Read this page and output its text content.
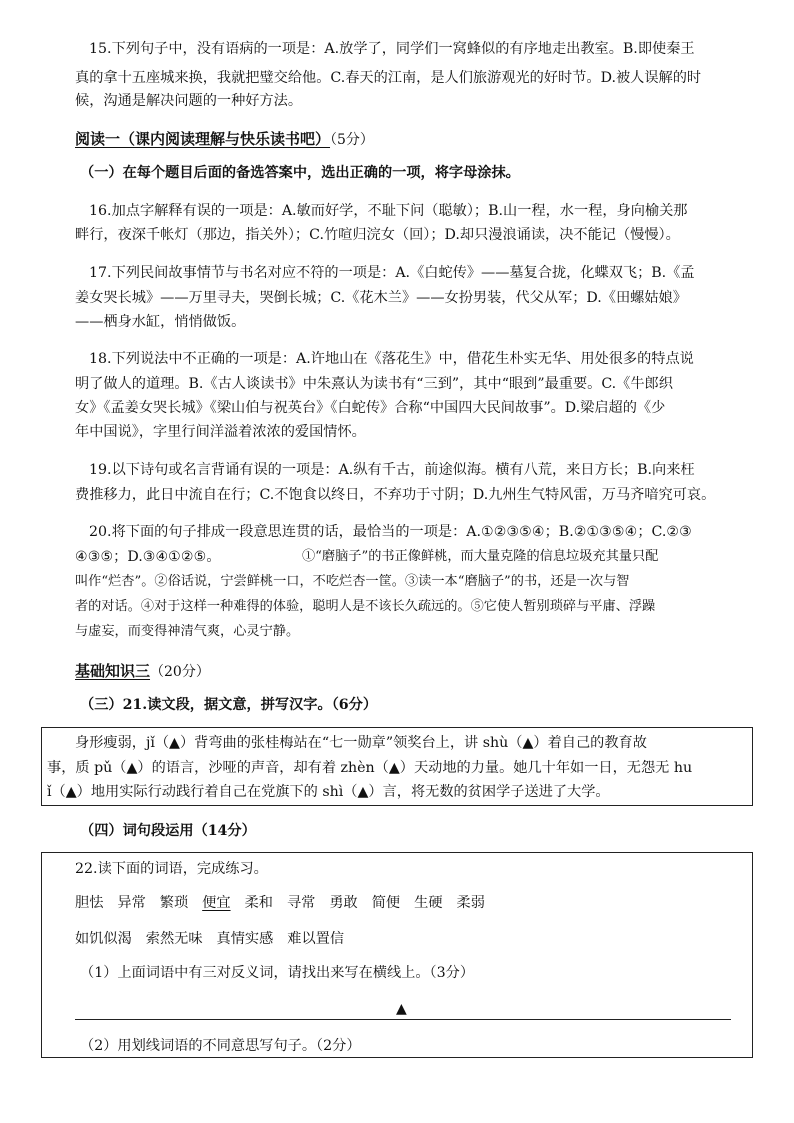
15.下列句子中，没有语病的一项是：A.放学了，同学们一窝蜂似的有序地走出教室。B.即使秦王
真的拿十五座城来换，我就把璧交给他。C.春天的江南，是人们旅游观光的好时节。D.被人误解的时
候，沟通是解决问题的一种好方法。
阅读一（课内阅读理解与快乐读书吧）（5分）
（一）在每个题目后面的备选答案中，选出正确的一项，将字母涂抹。
16.加点字解释有误的一项是：A.敏而好学，不耻下问（聪敏）；B.山一程，水一程，身向榆关那
畔行，夜深千帐灯（那边，指关外）；C.竹喧归浣女（回）；D.却只漫浪诵读，决不能记（慢慢）。
17.下列民间故事情节与书名对应不符的一项是：A.《白蛇传》——墓复合拢，化蝶双飞；B.《孟
姜女哭长城》——万里寻夫，哭倒长城；C.《花木兰》——女扮男装，代父从军；D.《田螺姑娘》
——栖身水缸，悄悄做饭。
18.下列说法中不正确的一项是：A.许地山在《落花生》中，借花生朴实无华、用处很多的特点说
明了做人的道理。B.《古人谈读书》中朱熹认为读书有“三到”，其中“眼到”最重要。C.《牛郎织
女》《孟姜女哭长城》《梁山伯与祝英台》《白蛇传》合称“中国四大民间故事”。D.梁启超的《少
年中国说》，字里行间洋溢着浓浓的爱国情怀。
19.以下诗句或名言背诵有误的一项是：A.纵有千古，前途似海。横有八荒，来日方长；B.向来枉
费推移力，此日中流自在行；C.不饱食以终日，不弃功于寸阴；D.九州生气特风雷，万马齐喑究可哀。
20.将下面的句子排成一段意思连贯的话，最恰当的一项是：A.①②③⑤④；B.②①③⑤④；C.②③
④③⑤；D.③④①②⑤。	①“磨脑子”的书正像鲜桃，而大量克隆的信息垃圾充其量只配
叫作“烂杏”。②俗话说，宁尝鲜桃一口，不吃烂杏一筐。③读一本“磨脑子”的书，还是一次与智
者的对话。④对于这样一种难得的体验，聪明人是不该长久疏远的。⑤它使人暂别琐碎与平庸、浮躁
与虚妄，而变得神清气爽，心灵宁静。
基础知识三（20分）
（三）21.读文段，据文意，拼写汉字。（6分）
身形瘦弱，jǐ（▲）背弯曲的张桂梅站在“七一勋章”领奖台上，讲 shù（▲）着自己的教育故
事，质 pǔ（▲）的语言，沙哑的声音，却有着 zhèn（▲）天动地的力量。她几十年如一日，无怨无 hu
ǐ（▲）地用实际行动践行着自己在党旗下的 shì（▲）言，将无数的贫困学子送进了大学。
（四）词句段运用（14分）
22.读下面的词语，完成练习。
胆怯 异常 繁琐 便宜 柔和 寻常 勇敢 简便 生硬 柔弱
如饥似渴 索然无味 真情实感 难以置信
（1）上面词语中有三对反义词，请找出来写在横线上。（3分）
▲
（2）用划线词语的不同意思写句子。（2分）
